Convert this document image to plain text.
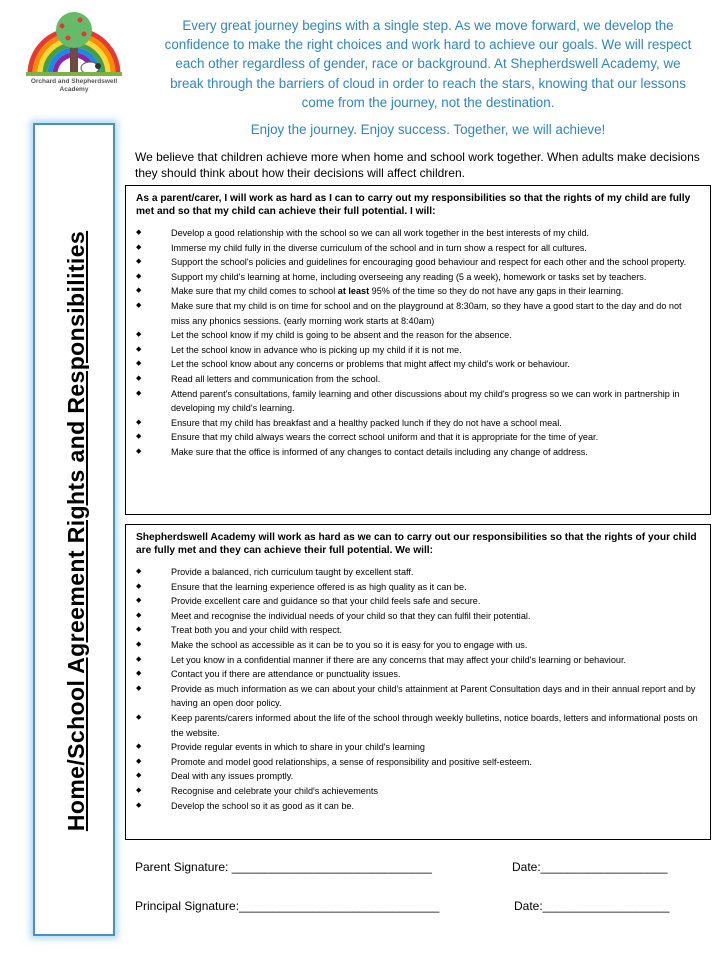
Orchard and Shepherdswell
Academy
Every great journey begins with a single step. As we move forward, we develop the confidence to make the right choices and work hard to achieve our goals. We will respect each other regardless of gender, race or background. At Shepherdswell Academy, we break through the barriers of cloud in order to reach the stars, knowing that our lessons come from the journey, not the destination.
Enjoy the journey. Enjoy success. Together, we will achieve!
Home/School Agreement Rights and Responsibilities
We believe that children achieve more when home and school work together. When adults make decisions they should think about how their decisions will affect children.
As a parent/carer, I will work as hard as I can to carry out my responsibilities so that the rights of my child are fully met and so that my child can achieve their full potential. I will:
◆ Develop a good relationship with the school so we can all work together in the best interests of my child.
◆ Immerse my child fully in the diverse curriculum of the school and in turn show a respect for all cultures.
◆ Support the school's policies and guidelines for encouraging good behaviour and respect for each other and the school property.
◆ Support my child's learning at home, including overseeing any reading (5 a week), homework or tasks set by teachers.
◆ Make sure that my child comes to school at least 95% of the time so they do not have any gaps in their learning.
◆ Make sure that my child is on time for school and on the playground at 8:30am, so they have a good start to the day and do not miss any phonics sessions. (early morning work starts at 8:40am)
◆ Let the school know if my child is going to be absent and the reason for the absence.
◆ Let the school know in advance who is picking up my child if it is not me.
◆ Let the school know about any concerns or problems that might affect my child's work or behaviour.
◆ Read all letters and communication from the school.
◆ Attend parent's consultations, family learning and other discussions about my child's progress so we can work in partnership in developing my child's learning.
◆ Ensure that my child has breakfast and a healthy packed lunch if they do not have a school meal.
◆ Ensure that my child always wears the correct school uniform and that it is appropriate for the time of year.
◆ Make sure that the office is informed of any changes to contact details including any change of address.
Shepherdswell Academy will work as hard as we can to carry out our responsibilities so that the rights of your child are fully met and they can achieve their full potential. We will:
◆ Provide a balanced, rich curriculum taught by excellent staff.
◆ Ensure that the learning experience offered is as high quality as it can be.
◆ Provide excellent care and guidance so that your child feels safe and secure.
◆ Meet and recognise the individual needs of your child so that they can fulfil their potential.
◆ Treat both you and your child with respect.
◆ Make the school as accessible as it can be to you so it is easy for you to engage with us.
◆ Let you know in a confidential manner if there are any concerns that may affect your child's learning or behaviour.
◆ Contact you if there are attendance or punctuality issues.
◆ Provide as much information as we can about your child's attainment at Parent Consultation days and in their annual report and by having an open door policy.
◆ Keep parents/carers informed about the life of the school through weekly bulletins, notice boards, letters and informational posts on the website.
◆ Provide regular events in which to share in your child's learning
◆ Promote and model good relationships, a sense of responsibility and positive self-esteem.
◆ Deal with any issues promptly.
◆ Recognise and celebrate your child's achievements
◆ Develop the school so it as good as it can be.
Parent Signature: ______________________________	Date:___________________
Principal Signature:______________________________	Date:___________________
